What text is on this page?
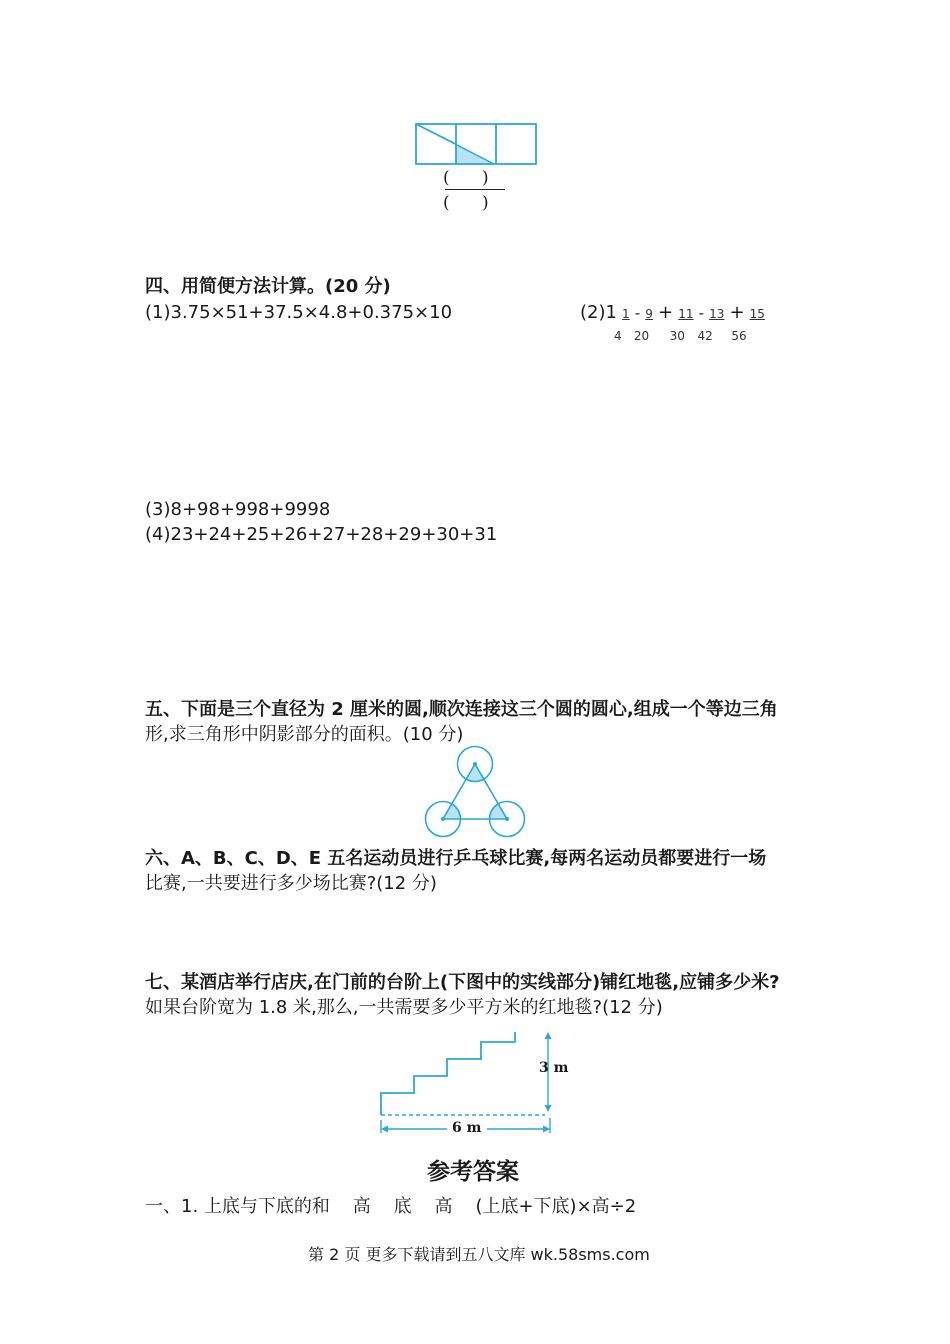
(      )
(      )
四、用简便方法计算。(20 分)
(1)3.75×51+37.5×4.8+0.375×10	(2)1 1 - 9 + 11 - 13 + 15
4 20 30 42 56
(3)8+98+998+9998
(4)23+24+25+26+27+28+29+30+31
五、下面是三个直径为 2 厘米的圆,顺次连接这三个圆的圆心,组成一个等边三角
形,求三角形中阴影部分的面积。(10 分)
六、A、B、C、D、E 五名运动员进行乒乓球比赛,每两名运动员都要进行一场
比赛,一共要进行多少场比赛?(12 分)
七、某酒店举行店庆,在门前的台阶上(下图中的实线部分)铺红地毯,应铺多少米?
如果台阶宽为 1.8 米,那么,一共需要多少平方米的红地毯?(12 分)
3 m
6 m
参考答案
一、1. 上底与下底的和    高    底    高    (上底+下底)×高÷2
第 2 页 更多下载请到五八文库 wk.58sms.com
